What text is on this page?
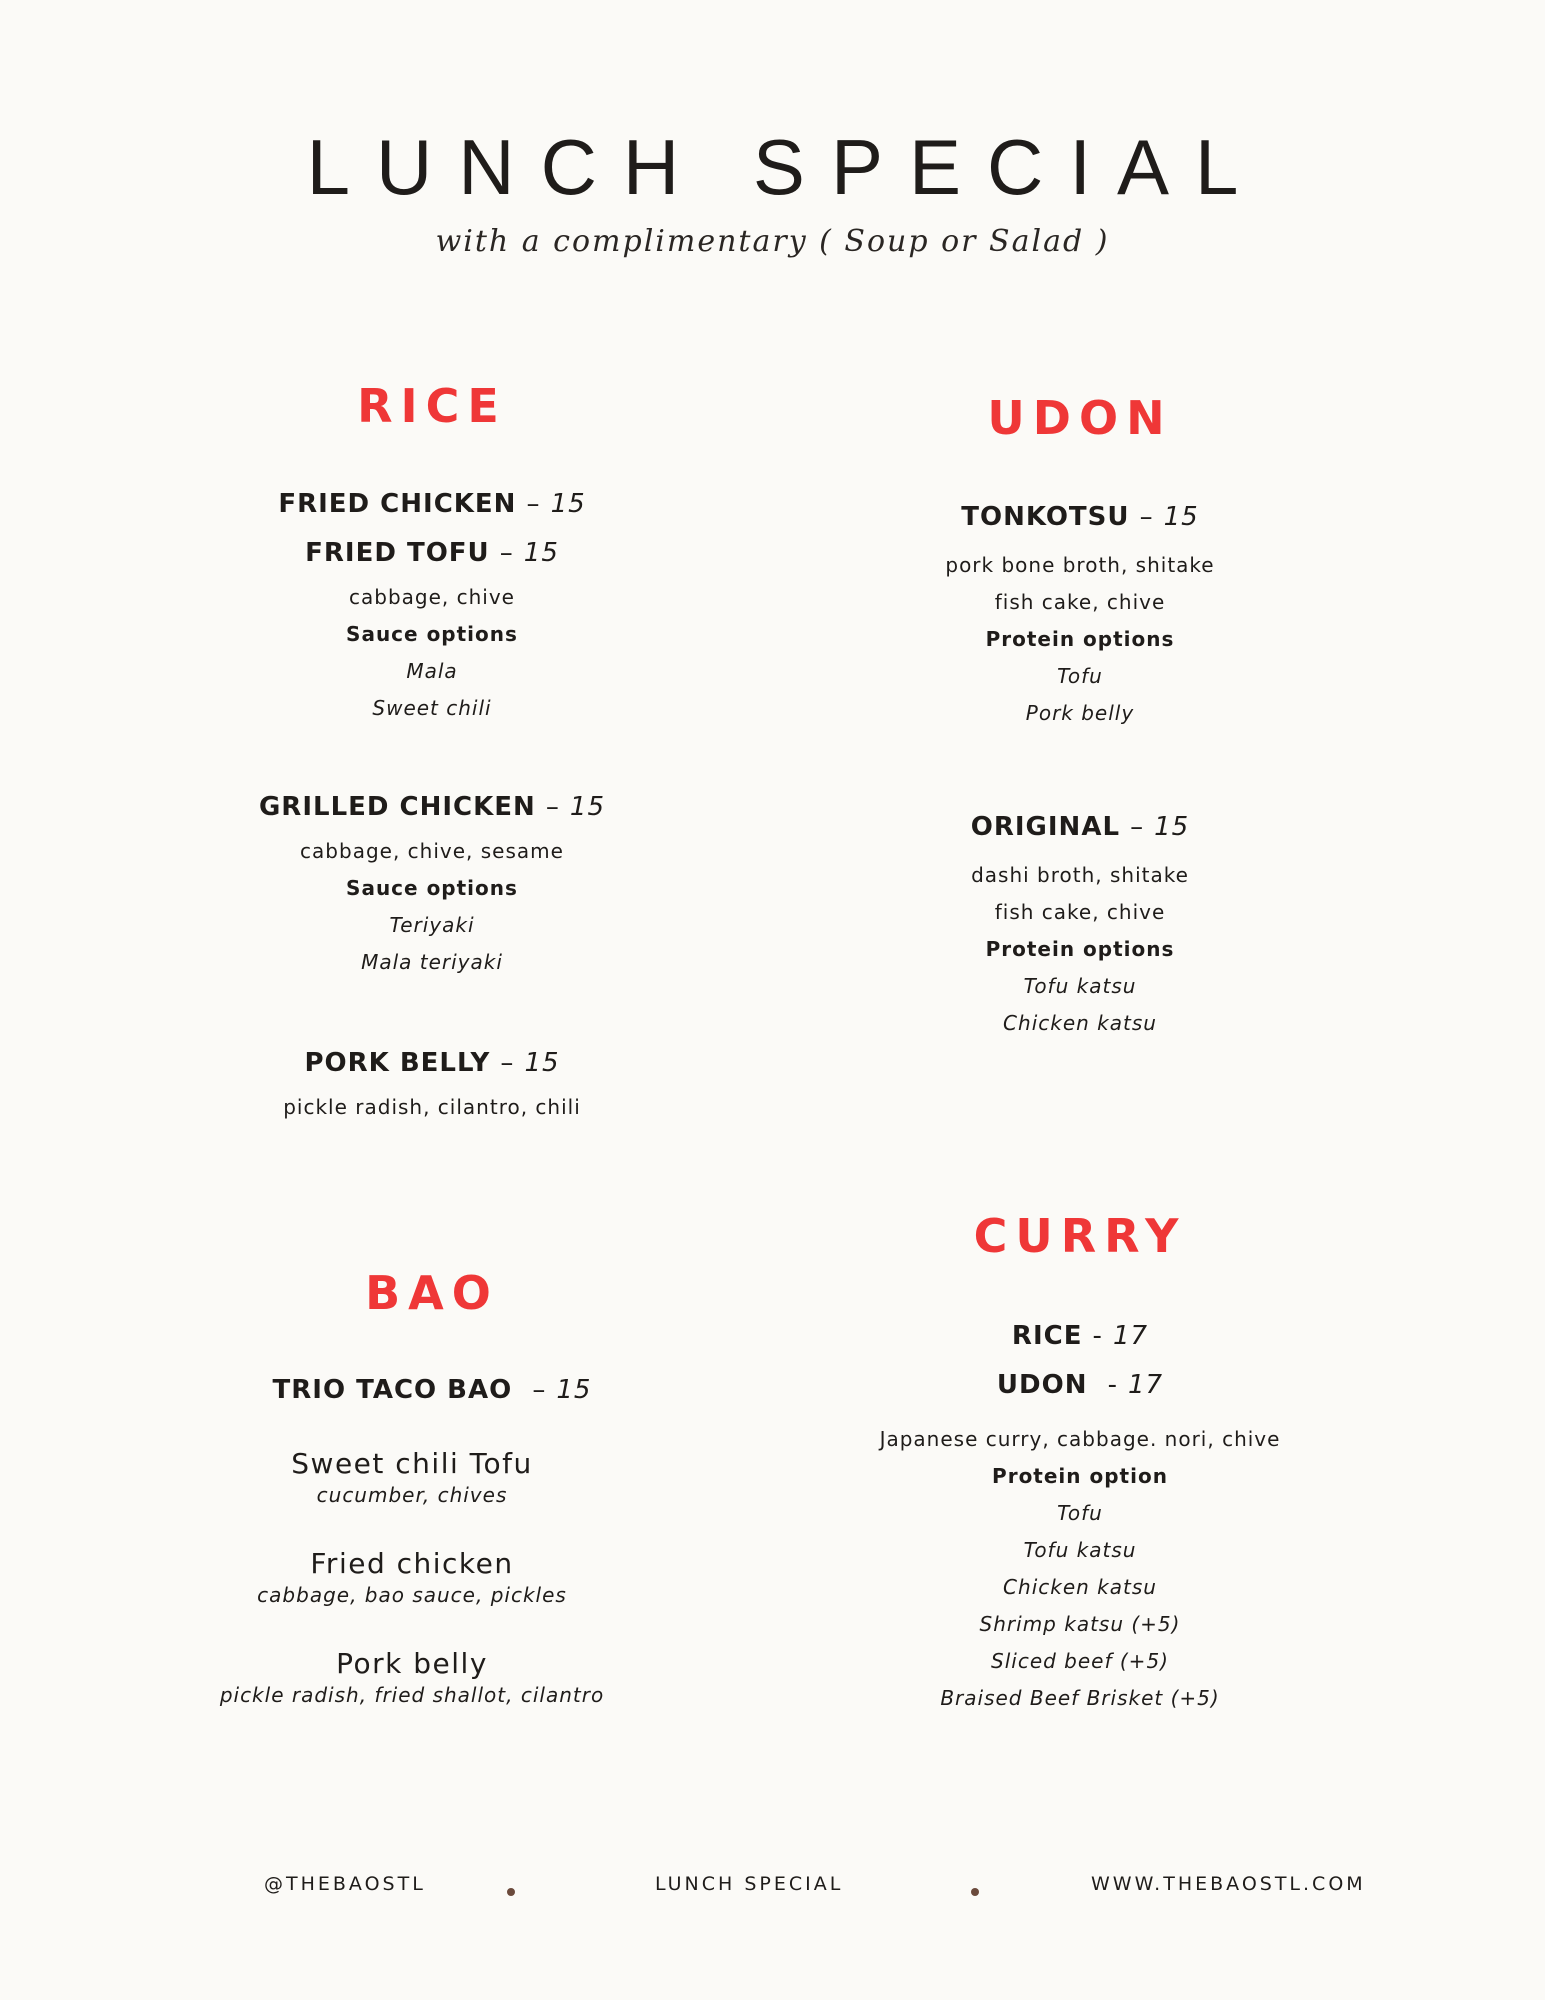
LUNCH SPECIAL
with a complimentary ( Soup or Salad )
RICE

FRIED CHICKEN – 15

FRIED TOFU – 15

cabbage, chive
Sauce options
Mala
Sweet chili

GRILLED CHICKEN – 15

cabbage, chive, sesame
Sauce options
Teriyaki
Mala teriyaki

PORK BELLY – 15

pickle radish, cilantro, chili
UDON

TONKOTSU – 15

pork bone broth, shitake
fish cake, chive
Protein options
Tofu
Pork belly

ORIGINAL – 15

dashi broth, shitake
fish cake, chive
Protein options
Tofu katsu
Chicken katsu
BAO

TRIO TACO BAO – 15

Sweet chili Tofu
cucumber, chives
Fried chicken
cabbage, bao sauce, pickles
Pork belly
pickle radish, fried shallot, cilantro
CURRY

RICE - 17

UDON - 17

Japanese curry, cabbage. nori, chive
Protein option
Tofu
Tofu katsu
Chicken katsu
Shrimp katsu (+5)
Sliced beef (+5)
Braised Beef Brisket (+5)
@THEBAOSTL	LUNCH SPECIAL	WWW.THEBAOSTL.COM
